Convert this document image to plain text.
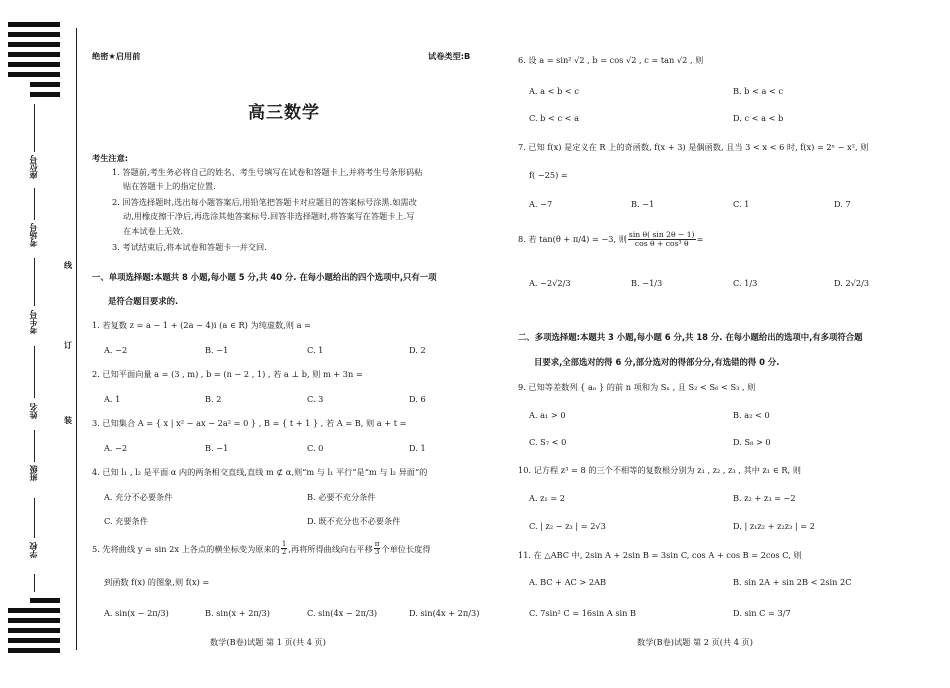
座位号
考场号
考生号
姓名
班级
学校
线
订
装
绝密★启用前	试卷类型:B
高三数学
考生注意:
1. 答题前,考生务必将自己的姓名、考生号填写在试卷和答题卡上,并将考生号条形码粘
贴在答题卡上的指定位置.
2. 回答选择题时,选出每小题答案后,用铅笔把答题卡对应题目的答案标号涂黑.如需改
动,用橡皮擦干净后,再选涂其他答案标号.回答非选择题时,将答案写在答题卡上.写
在本试卷上无效.
3. 考试结束后,将本试卷和答题卡一并交回.
一、单项选择题:本题共 8 小题,每小题 5 分,共 40 分. 在每小题给出的四个选项中,只有一项
是符合题目要求的.
1. 若复数 z = a − 1 + (2a − 4)i (a ∈ R) 为纯虚数,则 a =
A. −2	B. −1	C. 1	D. 2
2. 已知平面向量 a = (3 , m) , b = (n − 2 , 1) , 若 a ⊥ b, 则 m + 3n =
A. 1	B. 2	C. 3	D. 6
3. 已知集合 A = { x | x² − ax − 2a² = 0 } , B = { t + 1 } , 若 A = B, 则 a + t =
A. −2	B. −1	C. 0	D. 1
4. 已知 l₁ , l₂ 是平面 α 内的两条相交直线,直线 m ⊄ α,则“m 与 l₁ 平行”是“m 与 l₂ 异面”的
A. 充分不必要条件	B. 必要不充分条件
C. 充要条件	D. 既不充分也不必要条件
5. 先将曲线 y = sin 2x 上各点的横坐标变为原来的 $\frac{1}{2}$ ,再将所得曲线向右平移 $\frac{\pi}{3}$ 个单位长度得
到函数 f(x) 的图象,则 f(x) =
A. sin(x − 2π/3)	B. sin(x + 2π/3)	C. sin(4x − 2π/3)	D. sin(4x + 2π/3)
数学(B卷)试题 第 1 页(共 4 页)
6. 设 a = sin² √2 , b = cos √2 , c = tan √2 , 则
A. a < b < c	B. b < a < c
C. b < c < a	D. c < a < b
7. 已知 f(x) 是定义在 R 上的奇函数, f(x + 3) 是偶函数, 且当 3 < x < 6 时, f(x) = 2ˣ − x², 则
f( −25) =
A. −7	B. −1	C. 1	D. 7
8. 若 tan(θ + π/4) = −3, 则 $\frac{\text{sin θ( sin 2θ − 1)}}{\text{cos θ + cos³ θ}}$ =
A. −2√2/3	B. −1/3	C. 1/3	D. 2√2/3
二、多项选择题:本题共 3 小题,每小题 6 分,共 18 分. 在每小题给出的选项中,有多项符合题
目要求,全部选对的得 6 分,部分选对的得部分分,有选错的得 0 分.
9. 已知等差数列 { aₙ } 的前 n 项和为 Sₙ , 且 S₂ < S₆ < S₃ , 则
A. a₁ > 0	B. a₂ < 0
C. S₇ < 0	D. S₈ > 0
10. 记方程 z³ = 8 的三个不相等的复数根分别为 z₁ , z₂ , z₃ , 其中 z₁ ∈ R, 则
A. z₁ = 2	B. z₂ + z₃ = −2
C. | z₂ − z₃ | = 2√3	D. | z₁z₂ + z₂z₃ | = 2
11. 在 △ABC 中, 2sin A + 2sin B = 3sin C, cos A + cos B = 2cos C, 则
A. BC + AC > 2AB	B. sin 2A + sin 2B < 2sin 2C
C. 7sin² C = 16sin A sin B	D. sin C = 3/7
数学(B卷)试题 第 2 页(共 4 页)
